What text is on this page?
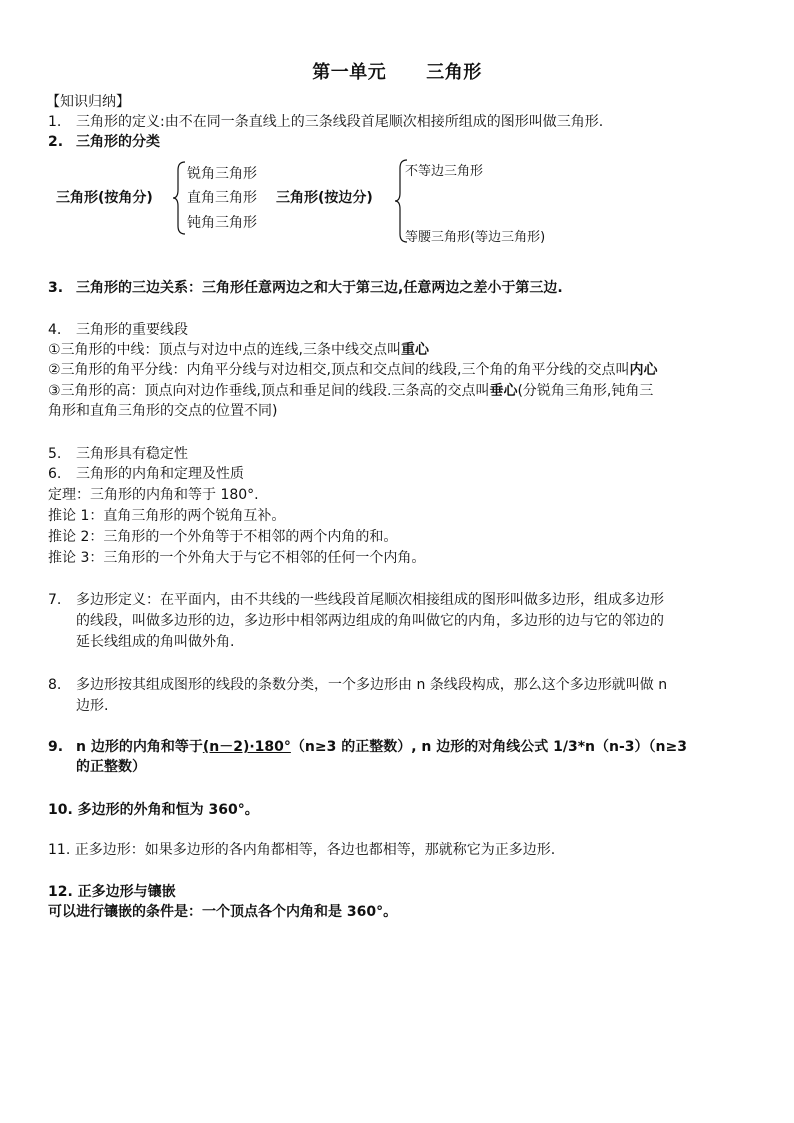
第一单元 三角形
【知识归纳】
1.	三角形的定义:由不在同一条直线上的三条线段首尾顺次相接所组成的图形叫做三角形.
2. 三角形的分类
三角形(按角分)
锐角三角形
直角三角形
钝角三角形
三角形(按边分)
不等边三角形
等腰三角形(等边三角形)
3. 三角形的三边关系：三角形任意两边之和大于第三边,任意两边之差小于第三边.
4.	三角形的重要线段
①三角形的中线：顶点与对边中点的连线,三条中线交点叫重心
②三角形的角平分线：内角平分线与对边相交,顶点和交点间的线段,三个角的角平分线的交点叫内心
③三角形的高：顶点向对边作垂线,顶点和垂足间的线段.三条高的交点叫垂心(分锐角三角形,钝角三
角形和直角三角形的交点的位置不同)
5.	三角形具有稳定性
6.	三角形的内角和定理及性质
定理：三角形的内角和等于 180°.
推论 1：直角三角形的两个锐角互补。
推论 2：三角形的一个外角等于不相邻的两个内角的和。
推论 3：三角形的一个外角大于与它不相邻的任何一个内角。
7.	多边形定义：在平面内，由不共线的一些线段首尾顺次相接组成的图形叫做多边形，组成多边形
的线段，叫做多边形的边，多边形中相邻两边组成的角叫做它的内角，多边形的边与它的邻边的
延长线组成的角叫做外角.
8.	多边形按其组成图形的线段的条数分类，一个多边形由 n 条线段构成，那么这个多边形就叫做 n
边形.
9. n 边形的内角和等于(n－2)·180°（n≥3 的正整数）, n 边形的对角线公式 1/3*n（n-3）（n≥3
的正整数）
10. 多边形的外角和恒为 360°。
11. 正多边形：如果多边形的各内角都相等，各边也都相等，那就称它为正多边形.
12. 正多边形与镶嵌
可以进行镶嵌的条件是：一个顶点各个内角和是 360°。
